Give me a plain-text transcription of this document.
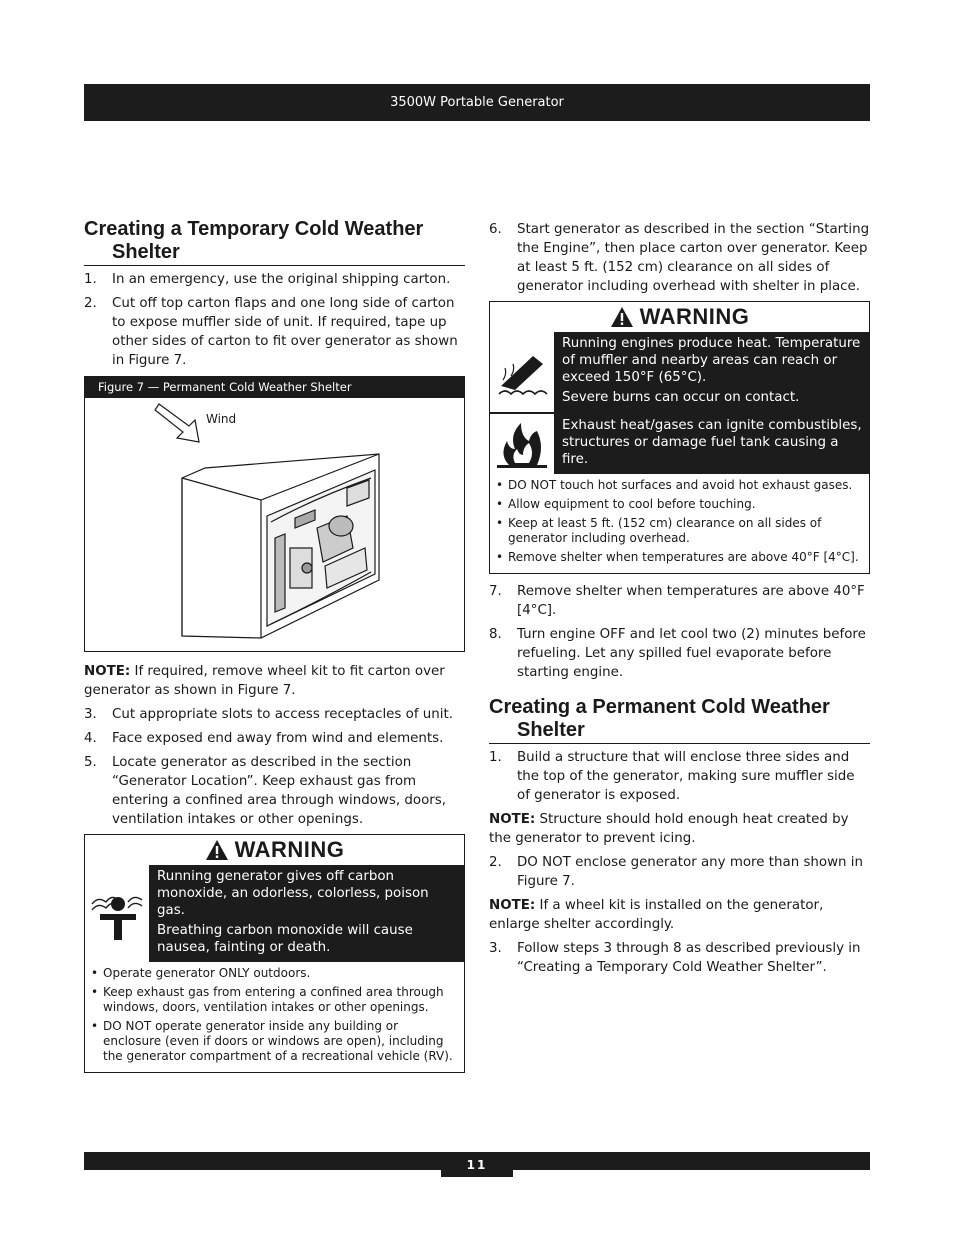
3500W Portable Generator
Creating a Temporary Cold Weather
Shelter
1. In an emergency, use the original shipping carton.
2. Cut off top carton flaps and one long side of carton to expose muffler side of unit. If required, tape up other sides of carton to fit over generator as shown in Figure 7.
Figure 7 — Permanent Cold Weather Shelter
Wind

NOTE: If required, remove wheel kit to fit carton over generator as shown in Figure 7.

3. Cut appropriate slots to access receptacles of unit.
4. Face exposed end away from wind and elements.
5. Locate generator as described in the section “Generator Location”. Keep exhaust gas from entering a confined area through windows, doors, ventilation intakes or other openings.
WARNING

Running generator gives off carbon monoxide, an odorless, colorless, poison gas.

Breathing carbon monoxide will cause nausea, fainting or death.

• Operate generator ONLY outdoors.
• Keep exhaust gas from entering a confined area through windows, doors, ventilation intakes or other openings.
• DO NOT operate generator inside any building or enclosure (even if doors or windows are open), including the generator compartment of a recreational vehicle (RV).
6. Start generator as described in the section “Starting the Engine”, then place carton over generator. Keep at least 5 ft. (152 cm) clearance on all sides of generator including overhead with shelter in place.
WARNING

Running engines produce heat. Temperature of muffler and nearby areas can reach or exceed 150°F (65°C).

Severe burns can occur on contact.

Exhaust heat/gases can ignite combustibles, structures or damage fuel tank causing a fire.

• DO NOT touch hot surfaces and avoid hot exhaust gases.
• Allow equipment to cool before touching.
• Keep at least 5 ft. (152 cm) clearance on all sides of generator including overhead.
• Remove shelter when temperatures are above 40°F [4°C].
7. Remove shelter when temperatures are above 40°F [4°C].
8. Turn engine OFF and let cool two (2) minutes before refueling. Let any spilled fuel evaporate before starting engine.
Creating a Permanent Cold Weather
Shelter
1. Build a structure that will enclose three sides and the top of the generator, making sure muffler side of generator is exposed.

NOTE: Structure should hold enough heat created by the generator to prevent icing.

2. DO NOT enclose generator any more than shown in Figure 7.

NOTE: If a wheel kit is installed on the generator, enlarge shelter accordingly.

3. Follow steps 3 through 8 as described previously in “Creating a Temporary Cold Weather Shelter”.
11
